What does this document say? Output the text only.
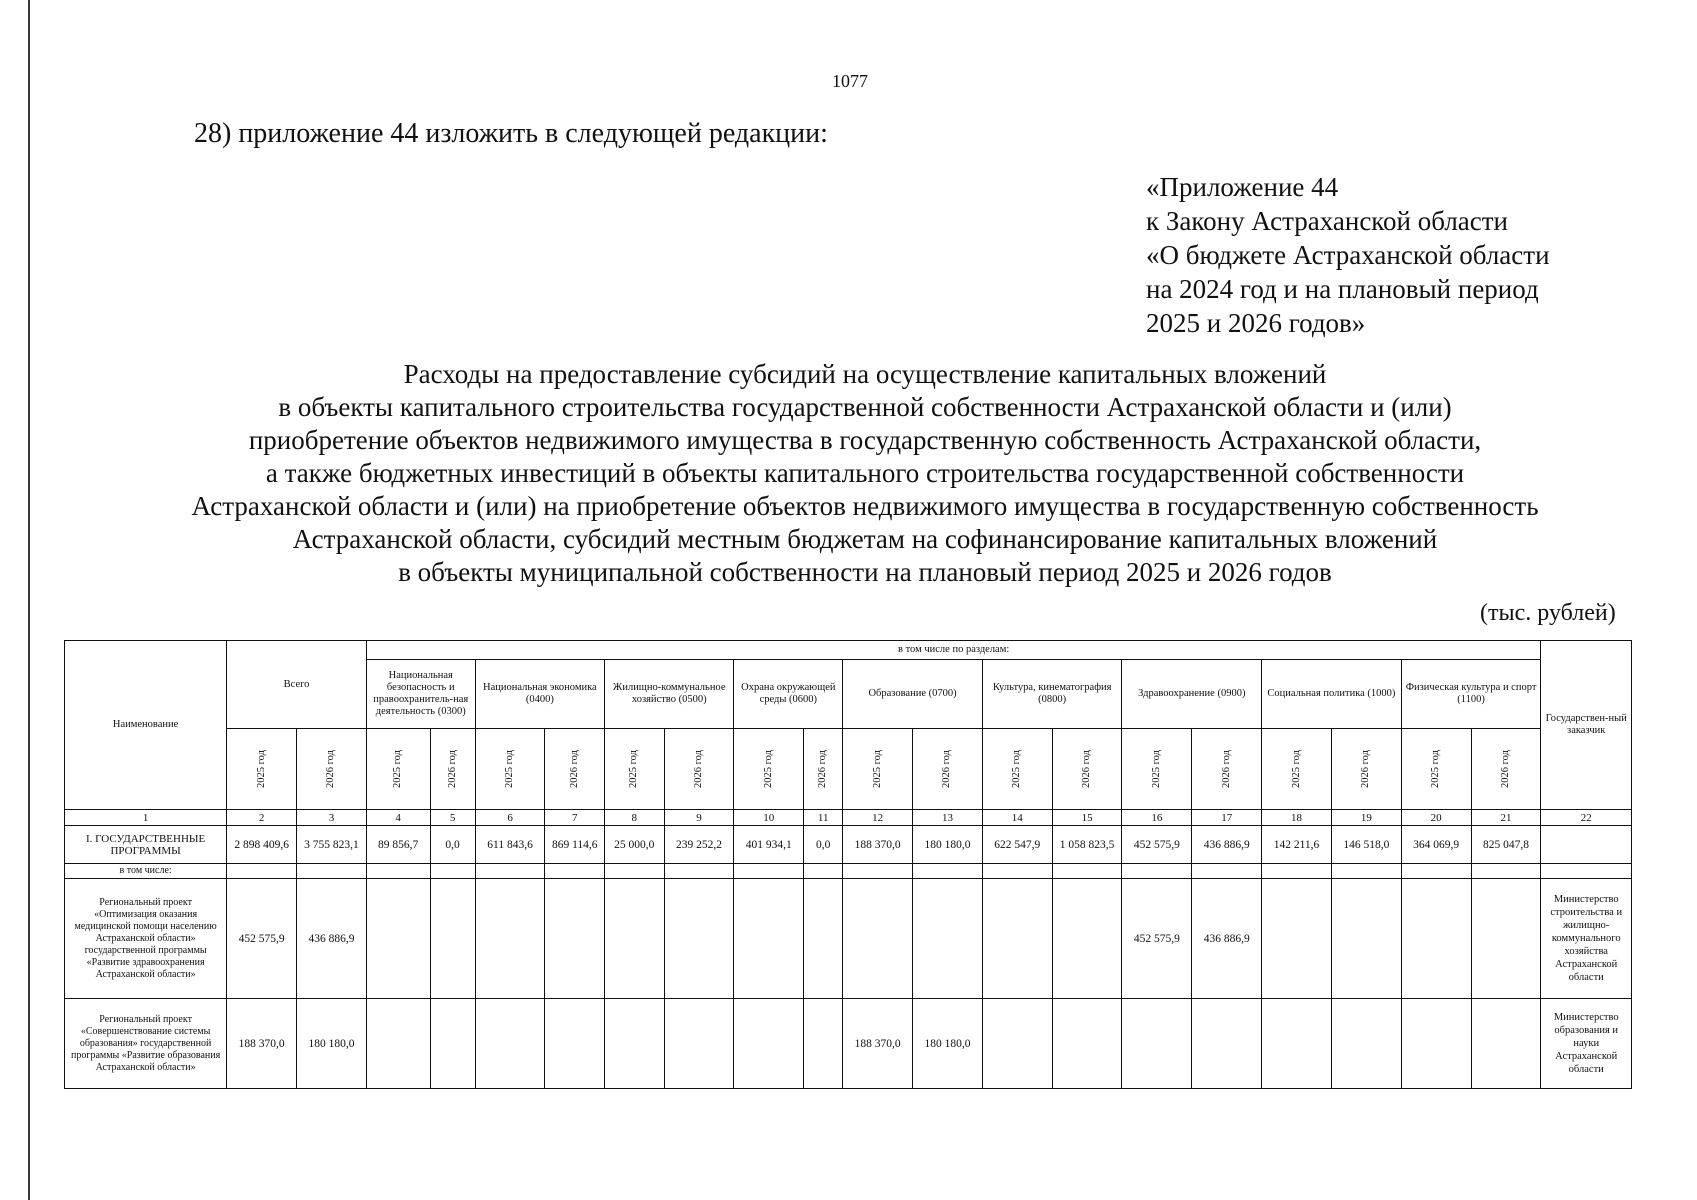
1077
28) приложение 44 изложить в следующей редакции:
«Приложение 44
к Закону Астраханской области
«О бюджете Астраханской области
на 2024 год и на плановый период
2025 и 2026 годов»
Расходы на предоставление субсидий на осуществление капитальных вложений
в объекты капитального строительства государственной собственности Астраханской области и (или)
приобретение объектов недвижимого имущества в государственную собственность Астраханской области,
а также бюджетных инвестиций в объекты капитального строительства государственной собственности
Астраханской области и (или) на приобретение объектов недвижимого имущества в государственную собственность
Астраханской области, субсидий местным бюджетам на софинансирование капитальных вложений
в объекты муниципальной собственности на плановый период 2025 и 2026 годов
(тыс. рублей)
Наименование	Всего		в том числе по разделам:																		Государствен-ный заказчик
			Национальная безопасность и правоохранитель-ная деятельность (0300)		Национальная экономика (0400)		Жилищно-коммунальное хозяйство (0500)		Охрана окружающей среды (0600)		Образование (0700)		Культура, кинематография (0800)		Здравоохранение (0900)		Социальная политика (1000)		Физическая культура и спорт (1100)		
	2025 год	2026 год	2025 год	2026 год	2025 год	2026 год	2025 год	2026 год	2025 год	2026 год	2025 год	2026 год	2025 год	2026 год	2025 год	2026 год	2025 год	2026 год	2025 год	2026 год	
1	2	3	4	5	6	7	8	9	10	11	12	13	14	15	16	17	18	19	20	21	22
I. ГОСУДАРСТВЕННЫЕ ПРОГРАММЫ	2 898 409,6	3 755 823,1	89 856,7	0,0	611 843,6	869 114,6	25 000,0	239 252,2	401 934,1	0,0	188 370,0	180 180,0	622 547,9	1 058 823,5	452 575,9	436 886,9	142 211,6	146 518,0	364 069,9	825 047,8	
в том числе:																					
Региональный проект «Оптимизация оказания медицинской помощи населению Астраханской области» государственной программы «Развитие здравоохранения Астраханской области»	452 575,9	436 886,9													452 575,9	436 886,9					Министерство строительства и жилищно-коммунального хозяйства Астраханской области
Региональный проект «Совершенствование системы образования» государственной программы «Развитие образования Астраханской области»	188 370,0	180 180,0									188 370,0	180 180,0									Министерство образования и науки Астраханской области
